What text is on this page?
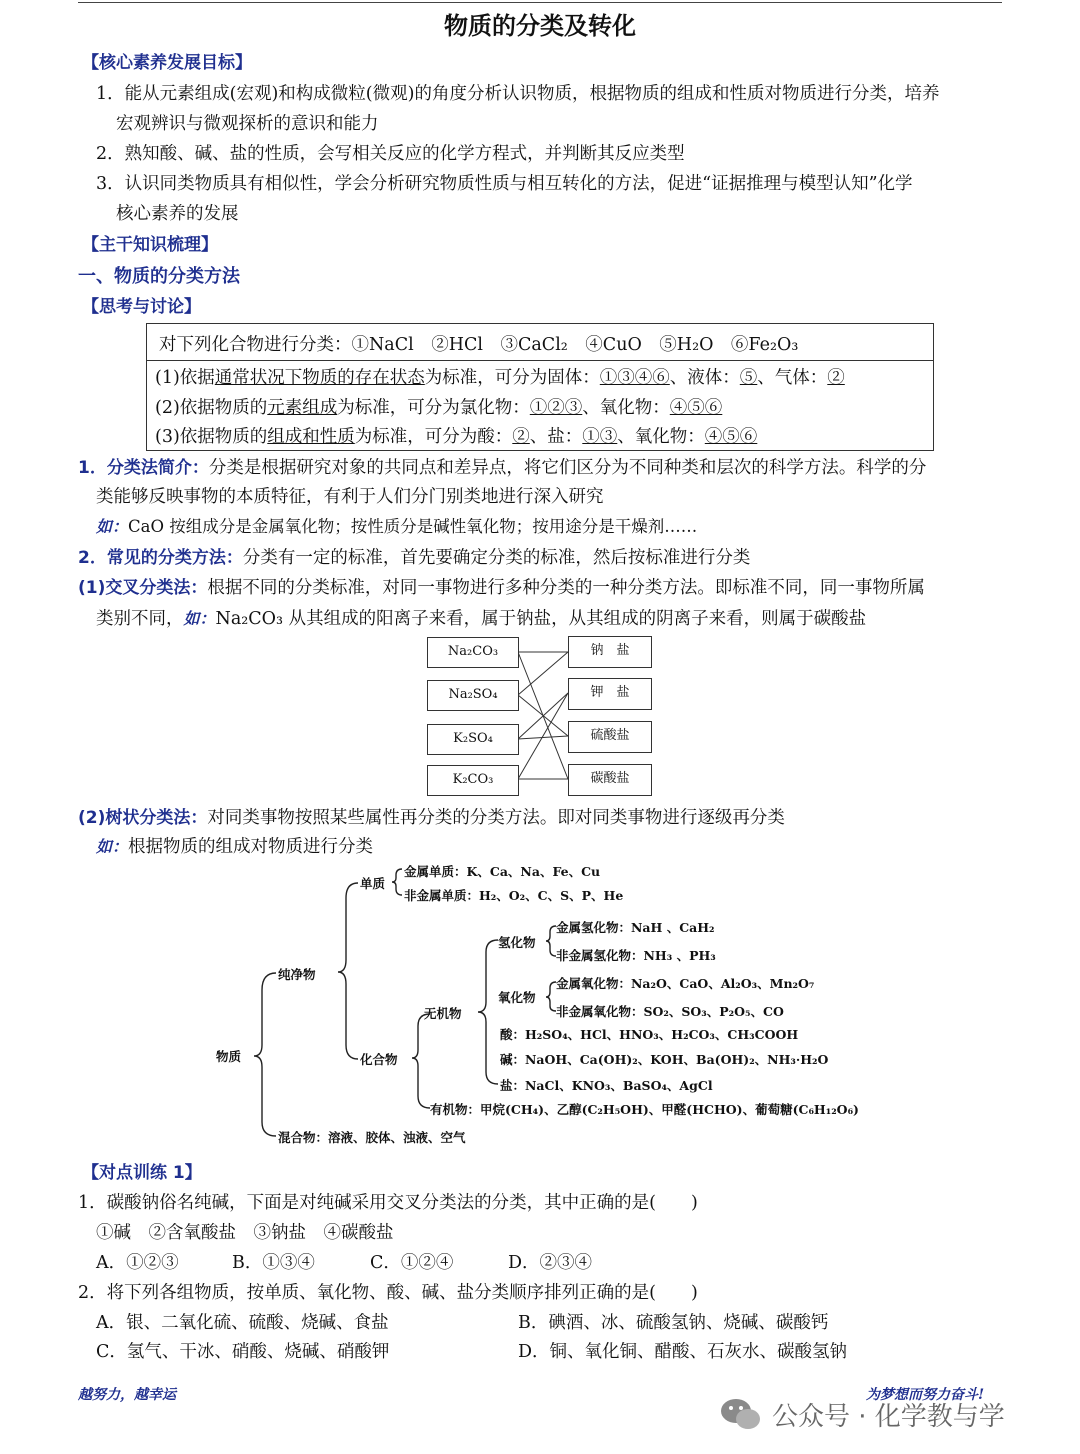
物质的分类及转化
【核心素养发展目标】
1．能从元素组成(宏观)和构成微粒(微观)的角度分析认识物质，根据物质的组成和性质对物质进行分类，培养
宏观辨识与微观探析的意识和能力
2．熟知酸、碱、盐的性质，会写相关反应的化学方程式，并判断其反应类型
3．认识同类物质具有相似性，学会分析研究物质性质与相互转化的方法，促进“证据推理与模型认知”化学
核心素养的发展
【主干知识梳理】
一、物质的分类方法
【思考与讨论】
对下列化合物进行分类：①NaCl　②HCl　③CaCl₂　④CuO　⑤H₂O　⑥Fe₂O₃
(1)依据通常状况下物质的存在状态为标准，可分为固体：①③④⑥、液体：⑤、气体：②
(2)依据物质的元素组成为标准，可分为氯化物：①②③、氧化物：④⑤⑥
(3)依据物质的组成和性质为标准，可分为酸：②、盐：①③、氧化物：④⑤⑥
1．分类法简介：分类是根据研究对象的共同点和差异点，将它们区分为不同种类和层次的科学方法。科学的分
类能够反映事物的本质特征，有利于人们分门别类地进行深入研究
如：CaO 按组成分是金属氧化物；按性质分是碱性氧化物；按用途分是干燥剂……
2．常见的分类方法：分类有一定的标准，首先要确定分类的标准，然后按标准进行分类
(1)交叉分类法：根据不同的分类标准，对同一事物进行多种分类的一种分类方法。即标准不同，同一事物所属
类别不同，如：Na₂CO₃ 从其组成的阳离子来看，属于钠盐，从其组成的阴离子来看，则属于碳酸盐
Na₂CO₃
Na₂SO₄
K₂SO₄
K₂CO₃
钠　盐
钾　盐
硫酸盐
碳酸盐
(2)树状分类法：对同类事物按照某些属性再分类的分类方法。即对同类事物进行逐级再分类
如：根据物质的组成对物质进行分类
物质
纯净物
混合物：溶液、胶体、浊液、空气
单质
金属单质：K、Ca、Na、Fe、Cu
非金属单质：H₂、O₂、C、S、P、He
化合物
无机物
氢化物
金属氢化物：NaH 、CaH₂
非金属氢化物：NH₃ 、PH₃
氧化物
金属氧化物：Na₂O、CaO、Al₂O₃、Mn₂O₇
非金属氧化物：SO₂、SO₃、P₂O₅、CO
酸：H₂SO₄、HCl、HNO₃、H₂CO₃、CH₃COOH
碱：NaOH、Ca(OH)₂、KOH、Ba(OH)₂、NH₃·H₂O
盐：NaCl、KNO₃、BaSO₄、AgCl
有机物：甲烷(CH₄)、乙醇(C₂H₅OH)、甲醛(HCHO)、葡萄糖(C₆H₁₂O₆)
【对点训练 1】
1．碳酸钠俗名纯碱，下面是对纯碱采用交叉分类法的分类，其中正确的是(　　)
①碱　②含氧酸盐　③钠盐　④碳酸盐
A．①②③	B．①③④	C．①②④	D．②③④
2．将下列各组物质，按单质、氧化物、酸、碱、盐分类顺序排列正确的是(　　)
A．银、二氧化硫、硫酸、烧碱、食盐	B．碘酒、冰、硫酸氢钠、烧碱、碳酸钙
C．氢气、干冰、硝酸、烧碱、硝酸钾	D．铜、氧化铜、醋酸、石灰水、碳酸氢钠
越努力，越幸运	为梦想而努力奋斗!
公众号 · 化学教与学
